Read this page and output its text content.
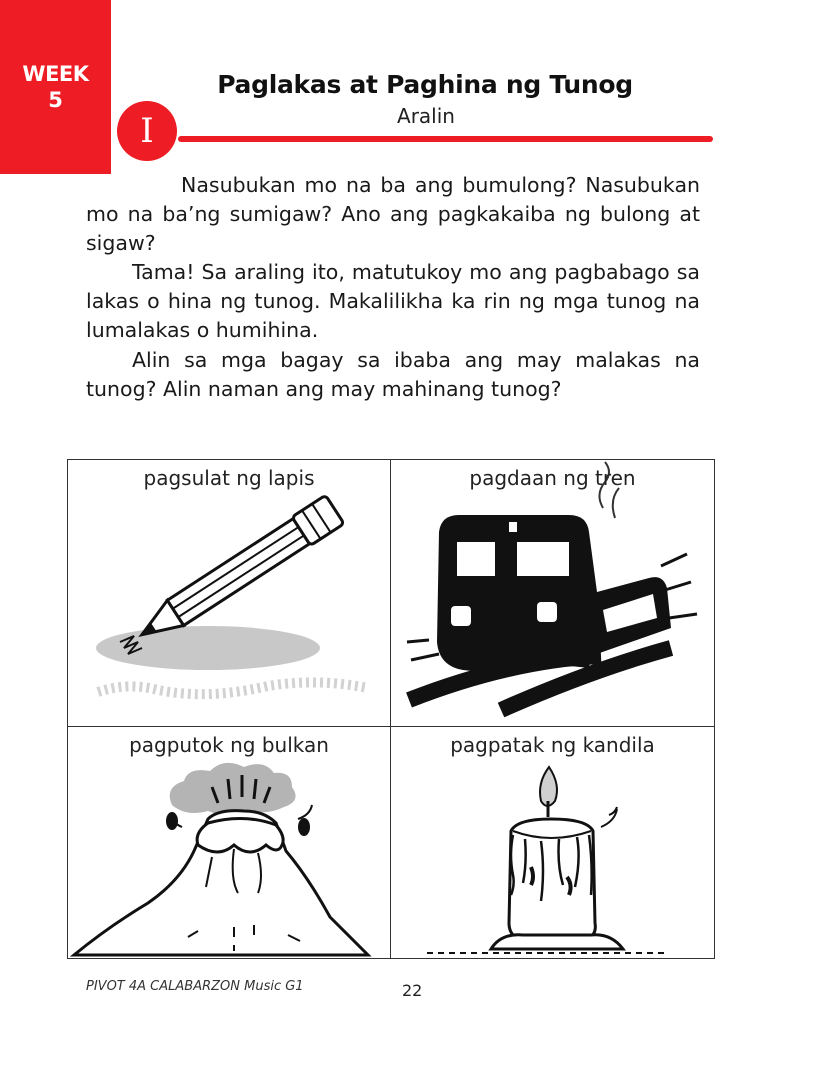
WEEK
5
Paglakas at Paghina ng Tunog
Aralin
I

Nasubukan mo na ba ang bumulong? Nasubukan mo na ba’ng sumigaw? Ano ang pagkakaiba ng bulong at sigaw?

Tama! Sa araling ito, matutukoy mo ang pagbabago sa lakas o hina ng tunog. Makalilikha ka rin ng mga tunog na lumalakas o humihina.

Alin sa mga bagay sa ibaba ang may malakas na tunog? Alin naman ang may mahinang tunog?

pagsulat ng lapis	pagdaan ng tren
pagputok ng bulkan	pagpatak ng kandila
PIVOT 4A CALABARZON Music G1	22
